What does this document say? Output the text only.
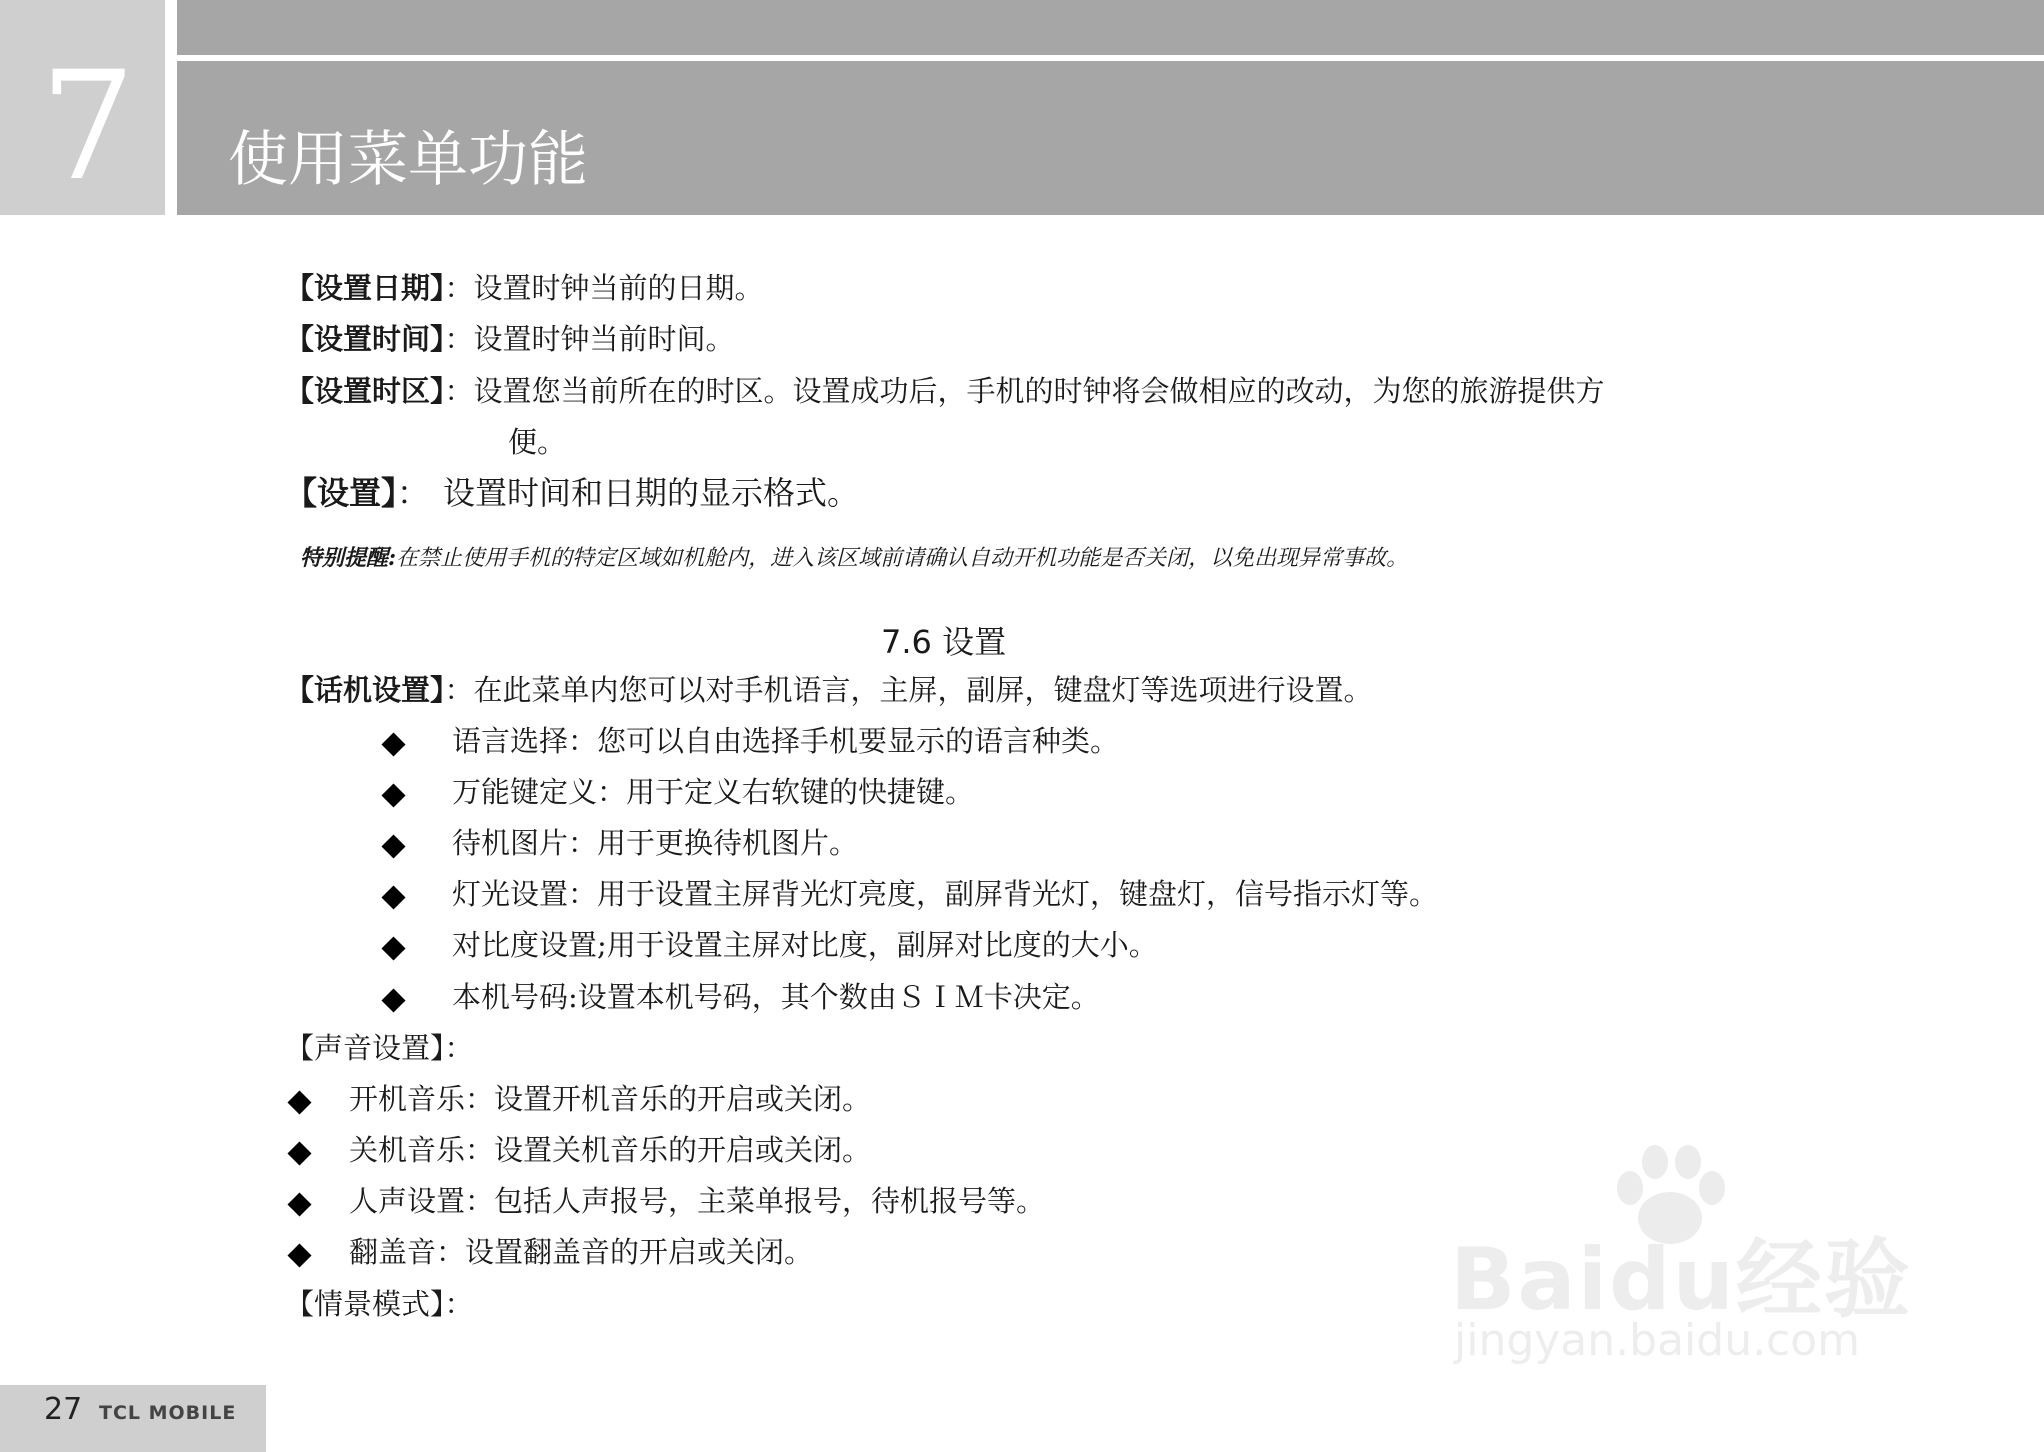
7 使用菜单功能
【设置日期】：设置时钟当前的日期。
【设置时间】：设置时钟当前时间。
【设置时区】：设置您当前所在的时区。设置成功后，手机的时钟将会做相应的改动，为您的旅游提供方
便。
【设置】： 设置时间和日期的显示格式。
特别提醒:在禁止使用手机的特定区域如机舱内，进入该区域前请确认自动开机功能是否关闭，以免出现异常事故。
7.6 设置
【话机设置】：在此菜单内您可以对手机语言，主屏，副屏，键盘灯等选项进行设置。
语言选择：您可以自由选择手机要显示的语言种类。
万能键定义：用于定义右软键的快捷键。
待机图片：用于更换待机图片。
灯光设置：用于设置主屏背光灯亮度，副屏背光灯，键盘灯，信号指示灯等。
对比度设置;用于设置主屏对比度，副屏对比度的大小。
本机号码:设置本机号码，其个数由ＳＩＭ卡决定。
【声音设置】：
开机音乐：设置开机音乐的开启或关闭。
关机音乐：设置关机音乐的开启或关闭。
人声设置：包括人声报号，主菜单报号，待机报号等。
翻盖音：设置翻盖音的开启或关闭。
【情景模式】：	Baidu经验
jingyan.baidu.com
27 TCL MOBILE
